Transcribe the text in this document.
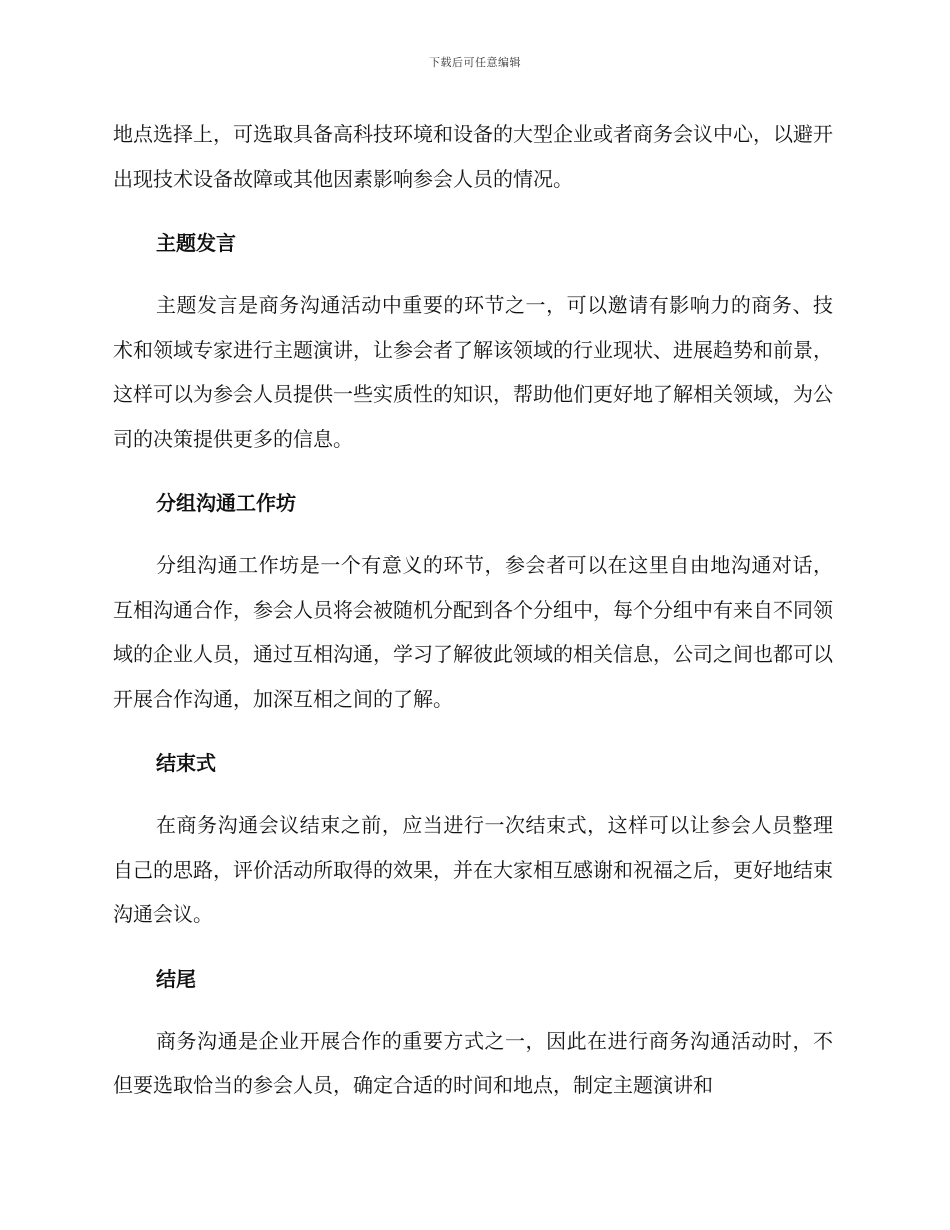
下载后可任意编辑

地点选择上，可选取具备高科技环境和设备的大型企业或者商务会议中心，以避开出现技术设备故障或其他因素影响参会人员的情况。

主题发言

主题发言是商务沟通活动中重要的环节之一，可以邀请有影响力的商务、技术和领域专家进行主题演讲，让参会者了解该领域的行业现状、进展趋势和前景，这样可以为参会人员提供一些实质性的知识，帮助他们更好地了解相关领域，为公司的决策提供更多的信息。

分组沟通工作坊

分组沟通工作坊是一个有意义的环节，参会者可以在这里自由地沟通对话，互相沟通合作，参会人员将会被随机分配到各个分组中，每个分组中有来自不同领域的企业人员，通过互相沟通，学习了解彼此领域的相关信息，公司之间也都可以开展合作沟通，加深互相之间的了解。

结束式

在商务沟通会议结束之前，应当进行一次结束式，这样可以让参会人员整理自己的思路，评价活动所取得的效果，并在大家相互感谢和祝福之后，更好地结束沟通会议。

结尾

商务沟通是企业开展合作的重要方式之一，因此在进行商务沟通活动时，不但要选取恰当的参会人员，确定合适的时间和地点，制定主题演讲和
